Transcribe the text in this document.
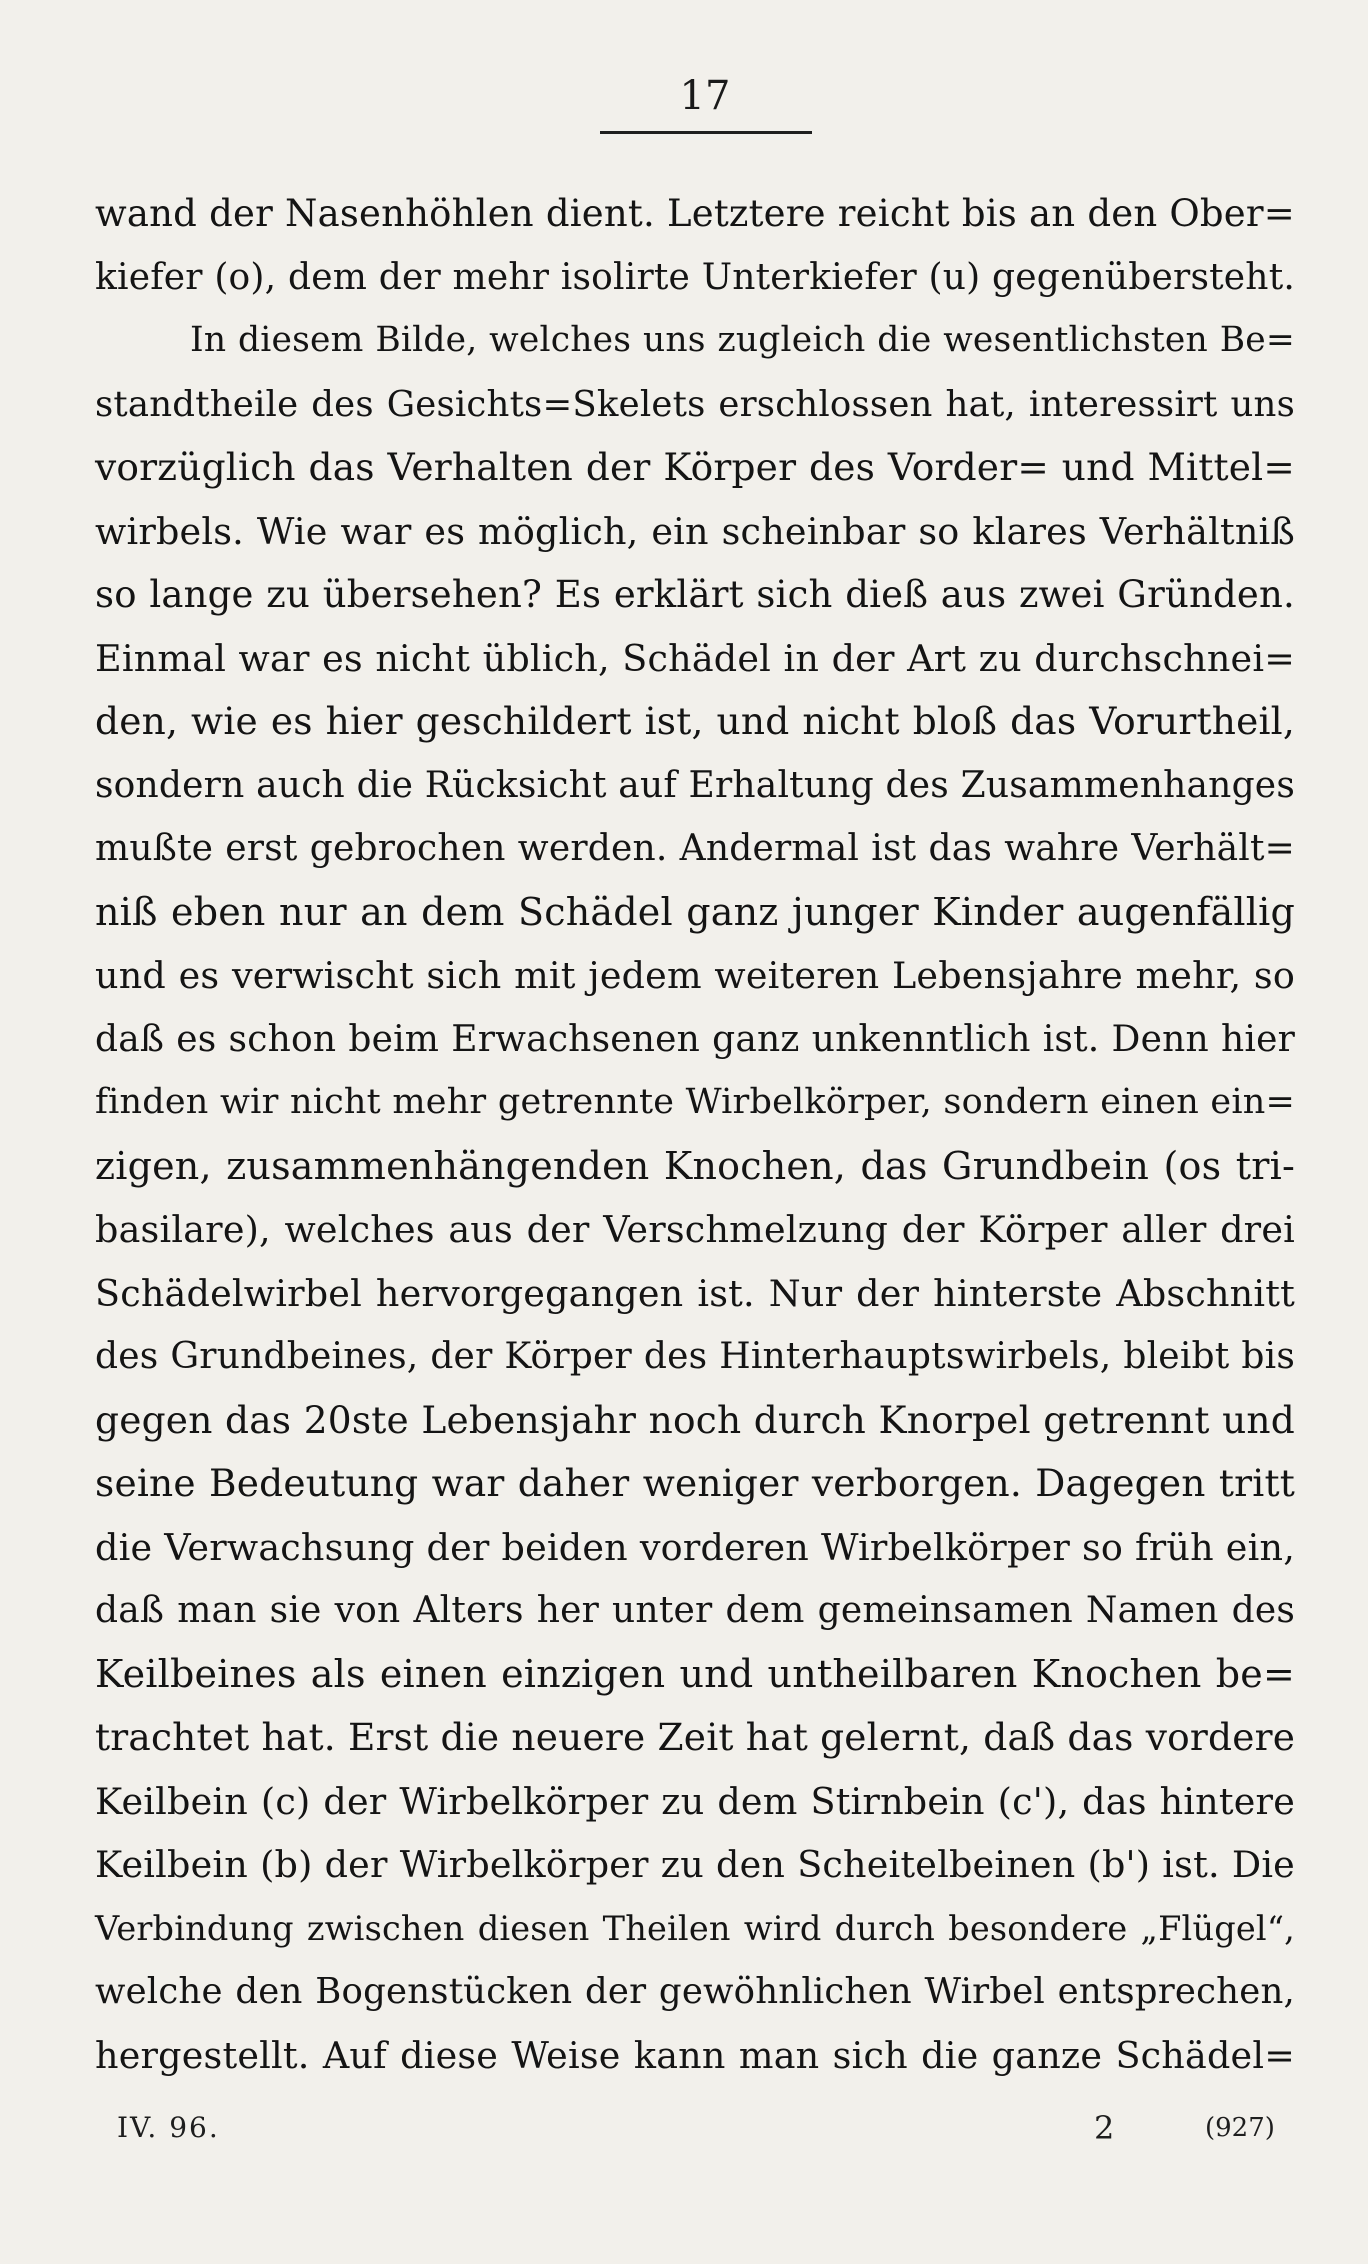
17
wand der Nasenhöhlen dient. Letztere reicht bis an den Ober=
kiefer (o), dem der mehr isolirte Unterkiefer (u) gegenübersteht.
In diesem Bilde, welches uns zugleich die wesentlichsten Be=
standtheile des Gesichts=Skelets erschlossen hat, interessirt uns
vorzüglich das Verhalten der Körper des Vorder= und Mittel=
wirbels. Wie war es möglich, ein scheinbar so klares Verhältniß
so lange zu übersehen? Es erklärt sich dieß aus zwei Gründen.
Einmal war es nicht üblich, Schädel in der Art zu durchschnei=
den, wie es hier geschildert ist, und nicht bloß das Vorurtheil,
sondern auch die Rücksicht auf Erhaltung des Zusammenhanges
mußte erst gebrochen werden. Andermal ist das wahre Verhält=
niß eben nur an dem Schädel ganz junger Kinder augenfällig
und es verwischt sich mit jedem weiteren Lebensjahre mehr, so
daß es schon beim Erwachsenen ganz unkenntlich ist. Denn hier
finden wir nicht mehr getrennte Wirbelkörper, sondern einen ein=
zigen, zusammenhängenden Knochen, das Grundbein (os tri-
basilare), welches aus der Verschmelzung der Körper aller drei
Schädelwirbel hervorgegangen ist. Nur der hinterste Abschnitt
des Grundbeines, der Körper des Hinterhauptswirbels, bleibt bis
gegen das 20ste Lebensjahr noch durch Knorpel getrennt und
seine Bedeutung war daher weniger verborgen. Dagegen tritt
die Verwachsung der beiden vorderen Wirbelkörper so früh ein,
daß man sie von Alters her unter dem gemeinsamen Namen des
Keilbeines als einen einzigen und untheilbaren Knochen be=
trachtet hat. Erst die neuere Zeit hat gelernt, daß das vordere
Keilbein (c) der Wirbelkörper zu dem Stirnbein (c'), das hintere
Keilbein (b) der Wirbelkörper zu den Scheitelbeinen (b') ist. Die
Verbindung zwischen diesen Theilen wird durch besondere „Flügel“,
welche den Bogenstücken der gewöhnlichen Wirbel entsprechen,
hergestellt. Auf diese Weise kann man sich die ganze Schädel=
IV. 96.	2	(927)
